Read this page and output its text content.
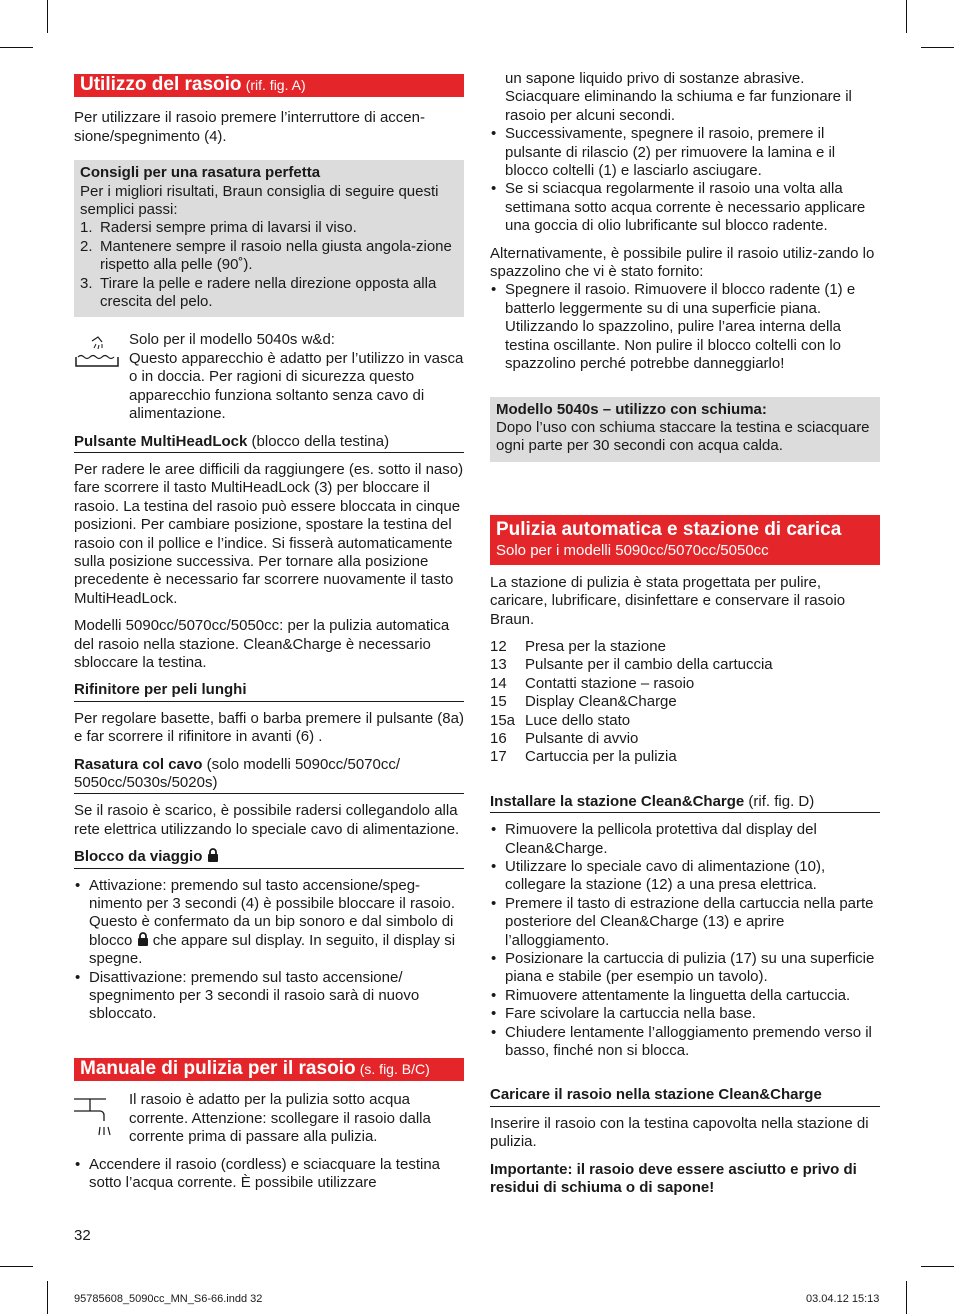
Utilizzo del rasoio (rif. fig. A)

Per utilizzare il rasoio premere l’interruttore di accen-sione/spegnimento (4).

Consigli per una rasatura perfetta
Per i migliori risultati, Braun consiglia di seguire questi semplici passi:
1. Radersi sempre prima di lavarsi il viso.
2. Mantenere sempre il rasoio nella giusta angola-zione rispetto alla pelle (90˚).
3. Tirare la pelle e radere nella direzione opposta alla crescita del pelo.
Solo per il modello 5040s w&d:
Questo apparecchio è adatto per l’utilizzo in vasca o in doccia. Per ragioni di sicurezza questo apparecchio funziona soltanto senza cavo di alimentazione.
Pulsante MultiHeadLock (blocco della testina)

Per radere le aree difficili da raggiungere (es. sotto il naso) fare scorrere il tasto MultiHeadLock (3) per bloccare il rasoio. La testina del rasoio può essere bloccata in cinque posizioni. Per cambiare posizione, spostare la testina del rasoio con il pollice e l’indice. Si fisserà automaticamente sulla posizione successiva. Per tornare alla posizione precedente è necessario far scorrere nuovamente il tasto MultiHeadLock.

Modelli 5090cc/5070cc/5050cc: per la pulizia automatica del rasoio nella stazione. Clean&Charge è necessario sbloccare la testina.

Rifinitore per peli lunghi

Per regolare basette, baffi o barba premere il pulsante (8a) e far scorrere il rifinitore in avanti (6) .

Rasatura col cavo (solo modelli 5090cc/5070cc/ 5050cc/5030s/5020s)

Se il rasoio è scarico, è possibile radersi collegandolo alla rete elettrica utilizzando lo speciale cavo di alimentazione.

Blocco da viaggio
• Attivazione: premendo sul tasto accensione/speg-nimento per 3 secondi (4) è possibile bloccare il rasoio. Questo è confermato da un bip sonoro e dal simbolo di blocco che appare sul display. In seguito, il display si spegne.
• Disattivazione: premendo sul tasto accensione/ spegnimento per 3 secondi il rasoio sarà di nuovo sbloccato.
Manuale di pulizia per il rasoio (s. fig. B/C)
Il rasoio è adatto per la pulizia sotto acqua corrente. Attenzione: scollegare il rasoio dalla corrente prima di passare alla pulizia.
• Accendere il rasoio (cordless) e sciacquare la testina sotto l’acqua corrente. È possibile utilizzare
32
un sapone liquido privo di sostanze abrasive. Sciacquare eliminando la schiuma e far funzionare il rasoio per alcuni secondi.
• Successivamente, spegnere il rasoio, premere il pulsante di rilascio (2) per rimuovere la lamina e il blocco coltelli (1) e lasciarlo asciugare.
• Se si sciacqua regolarmente il rasoio una volta alla settimana sotto acqua corrente è necessario applicare una goccia di olio lubrificante sul blocco radente.

Alternativamente, è possibile pulire il rasoio utiliz-zando lo spazzolino che vi è stato fornito:

• Spegnere il rasoio. Rimuovere il blocco radente (1) e batterlo leggermente su di una superficie piana. Utilizzando lo spazzolino, pulire l’area interna della testina oscillante. Non pulire il blocco coltelli con lo spazzolino perché potrebbe danneggiarlo!
Modello 5040s – utilizzo con schiuma:
Dopo l’uso con schiuma staccare la testina e sciacquare ogni parte per 30 secondi con acqua calda.
Pulizia automatica e stazione di carica
Solo per i modelli 5090cc/5070cc/5050cc

La stazione di pulizia è stata progettata per pulire, caricare, lubrificare, disinfettare e conservare il rasoio Braun.

12	Presa per la stazione
13	Pulsante per il cambio della cartuccia
14	Contatti stazione – rasoio
15	Display Clean&Charge
15a Luce dello stato
16	Pulsante di avvio
17	Cartuccia per la pulizia
Installare la stazione Clean&Charge (rif. fig. D)
• Rimuovere la pellicola protettiva dal display del Clean&Charge.
• Utilizzare lo speciale cavo di alimentazione (10), collegare la stazione (12) a una presa elettrica.
• Premere il tasto di estrazione della cartuccia nella parte posteriore del Clean&Charge (13) e aprire l’alloggiamento.
• Posizionare la cartuccia di pulizia (17) su una superficie piana e stabile (per esempio un tavolo).
• Rimuovere attentamente la linguetta della cartuccia.
• Fare scivolare la cartuccia nella base.
• Chiudere lentamente l’alloggiamento premendo verso il basso, finché non si blocca.
Caricare il rasoio nella stazione Clean&Charge

Inserire il rasoio con la testina capovolta nella stazione di pulizia.

Importante: il rasoio deve essere asciutto e privo di residui di schiuma o di sapone!

95785608_5090cc_MN_S6-66.indd 32	03.04.12 15:13
